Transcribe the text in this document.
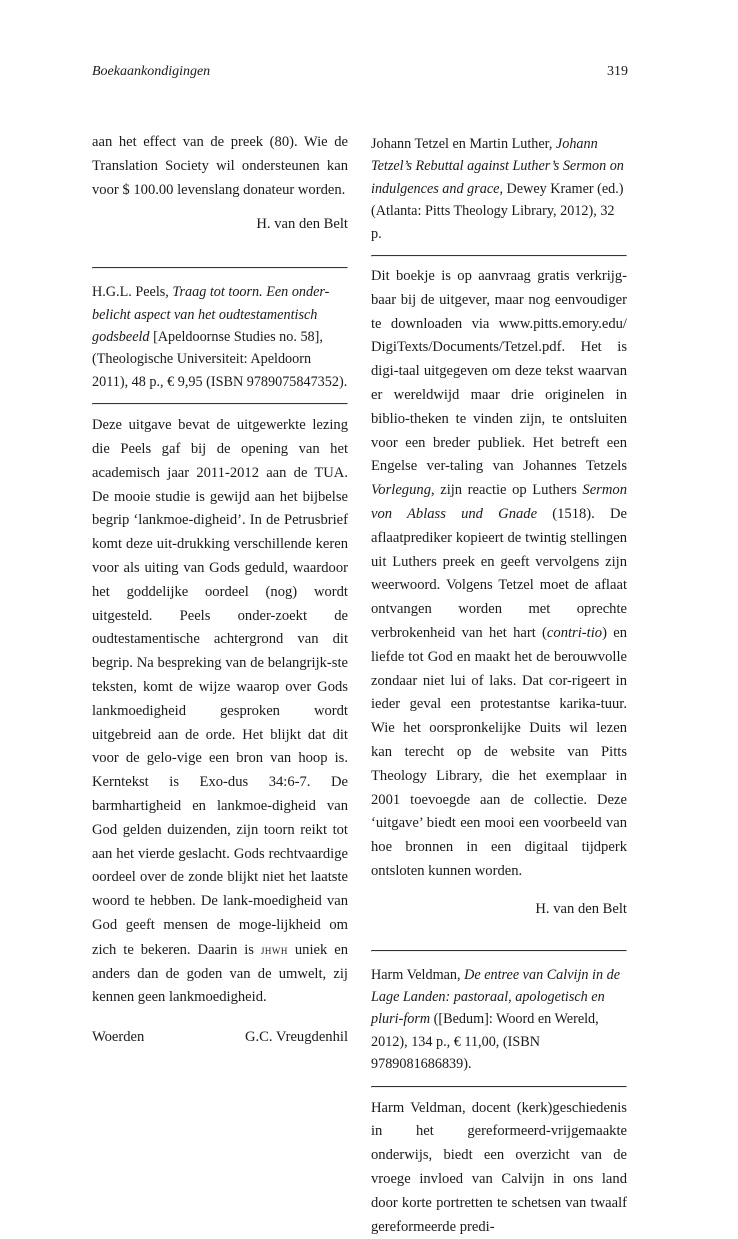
Boekaankondigingen	319

aan het effect van de preek (80). Wie de Translation Society wil ondersteunen kan voor $ 100.00 levenslang donateur worden.

H. van den Belt

H.G.L. Peels, Traag tot toorn. Een onder-belicht aspect van het oudtestamentisch godsbeeld [Apeldoornse Studies no. 58], (Theologische Universiteit: Apeldoorn 2011), 48 p., € 9,95 (ISBN 9789075847352).

Deze uitgave bevat de uitgewerkte lezing die Peels gaf bij de opening van het academisch jaar 2011-2012 aan de TUA. De mooie studie is gewijd aan het bijbelse begrip ‘lankmoe-digheid’. In de Petrusbrief komt deze uit-drukking verschillende keren voor als uiting van Gods geduld, waardoor het goddelijke oordeel (nog) wordt uitgesteld. Peels onder-zoekt de oudtestamentische achtergrond van dit begrip. Na bespreking van de belangrijk-ste teksten, komt de wijze waarop over Gods lankmoedigheid gesproken wordt uitgebreid aan de orde. Het blijkt dat dit voor de gelo-vige een bron van hoop is. Kerntekst is Exo-dus 34:6-7. De barmhartigheid en lankmoe-digheid van God gelden duizenden, zijn toorn reikt tot aan het vierde geslacht. Gods rechtvaardige oordeel over de zonde blijkt niet het laatste woord te hebben. De lank-moedigheid van God geeft mensen de moge-lijkheid om zich te bekeren. Daarin is jhwh uniek en anders dan de goden van de umwelt, zij kennen geen lankmoedigheid.

Woerden	G.C. Vreugdenhil

Johann Tetzel en Martin Luther, Johann Tetzel’s Rebuttal against Luther’s Sermon on indulgences and grace, Dewey Kramer (ed.) (Atlanta: Pitts Theology Library, 2012), 32 p.

Dit boekje is op aanvraag gratis verkrijg-baar bij de uitgever, maar nog eenvoudiger te downloaden via www.pitts.emory.edu/ DigiTexts/Documents/Tetzel.pdf. Het is digi-taal uitgegeven om deze tekst waarvan er wereldwijd maar drie originelen in biblio-theken te vinden zijn, te ontsluiten voor een breder publiek. Het betreft een Engelse ver-taling van Johannes Tetzels Vorlegung, zijn reactie op Luthers Sermon von Ablass und Gnade (1518). De aflaatprediker kopieert de twintig stellingen uit Luthers preek en geeft vervolgens zijn weerwoord. Volgens Tetzel moet de aflaat ontvangen worden met oprechte verbrokenheid van het hart (contri-tio) en liefde tot God en maakt het de berouwvolle zondaar niet lui of laks. Dat cor-rigeert in ieder geval een protestantse karika-tuur. Wie het oorspronkelijke Duits wil lezen kan terecht op de website van Pitts Theology Library, die het exemplaar in 2001 toevoegde aan de collectie. Deze ‘uitgave’ biedt een mooi een voorbeeld van hoe bronnen in een digitaal tijdperk ontsloten kunnen worden.

H. van den Belt

Harm Veldman, De entree van Calvijn in de Lage Landen: pastoraal, apologetisch en pluri-form ([Bedum]: Woord en Wereld, 2012), 134 p., € 11,00, (ISBN 9789081686839).

Harm Veldman, docent (kerk)geschiedenis in het gereformeerd-vrijgemaakte onderwijs, biedt een overzicht van de vroege invloed van Calvijn in ons land door korte portretten te schetsen van twaalf gereformeerde predi-
